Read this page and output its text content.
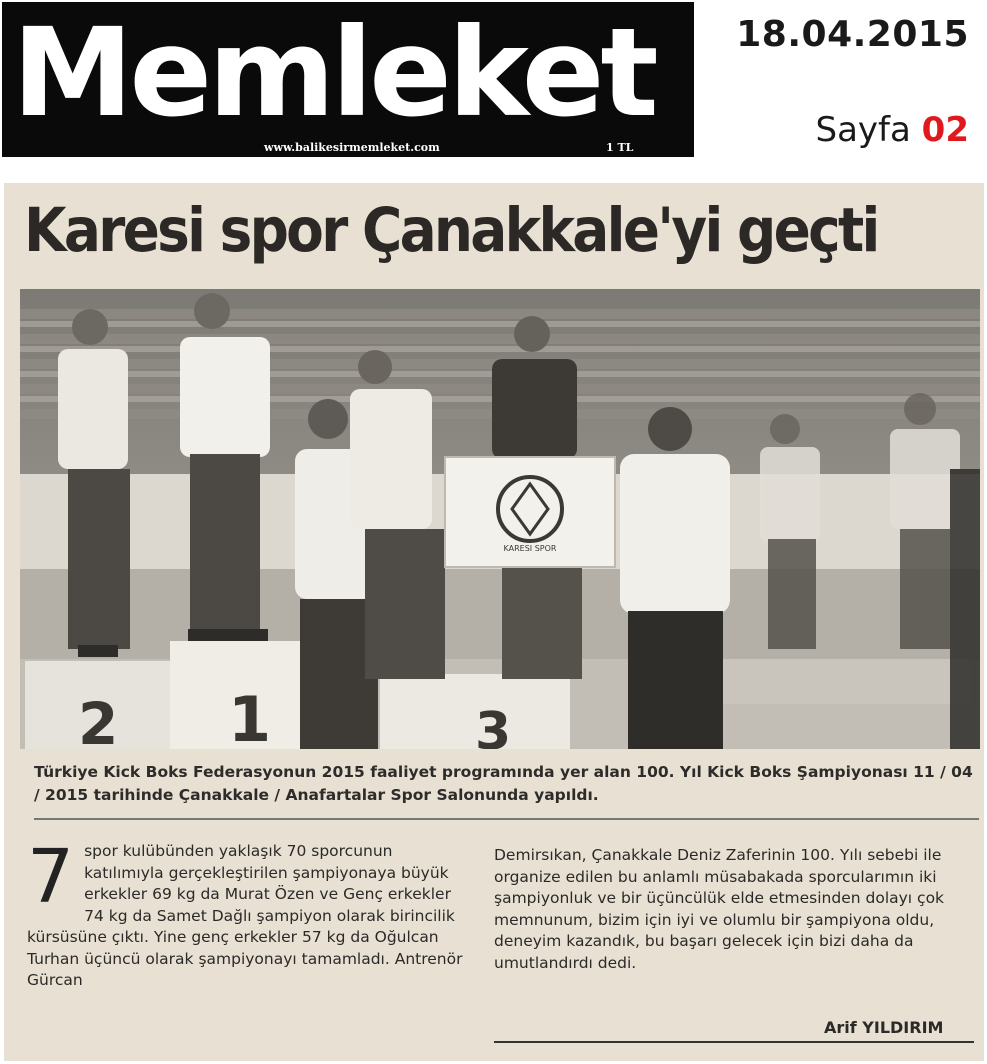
Memleket
www.balikesirmemleket.com	1 TL
18.04.2015
Sayfa 02
Karesi spor Çanakkale'yi geçti
2 1	3
KARESI SPOR
Türkiye Kick Boks Federasyonun 2015 faaliyet programında yer alan 100. Yıl Kick Boks Şampiyonası 11 / 04 / 2015 tarihinde Çanakkale / Anafartalar Spor Salonunda yapıldı.
7 spor kulübünden yaklaşık 70 sporcunun katılımıyla gerçekleştirilen şampiyonaya büyük erkekler 69 kg da Murat Özen ve Genç erkekler 74 kg da Samet Dağlı şampiyon olarak birincilik kürsüsüne çıktı. Yine genç erkekler 57 kg da Oğulcan Turhan üçüncü olarak şampiyonayı tamamladı. Antrenör Gürcan

Demirsıkan, Çanakkale Deniz Zaferinin 100. Yılı sebebi ile organize edilen bu anlamlı müsabakada sporcularımın iki şampiyonluk ve bir üçüncülük elde etmesinden dolayı çok memnunum, bizim için iyi ve olumlu bir şampiyona oldu, deneyim kazandık, bu başarı gelecek için bizi daha da umutlandırdı dedi.

Arif YILDIRIM
